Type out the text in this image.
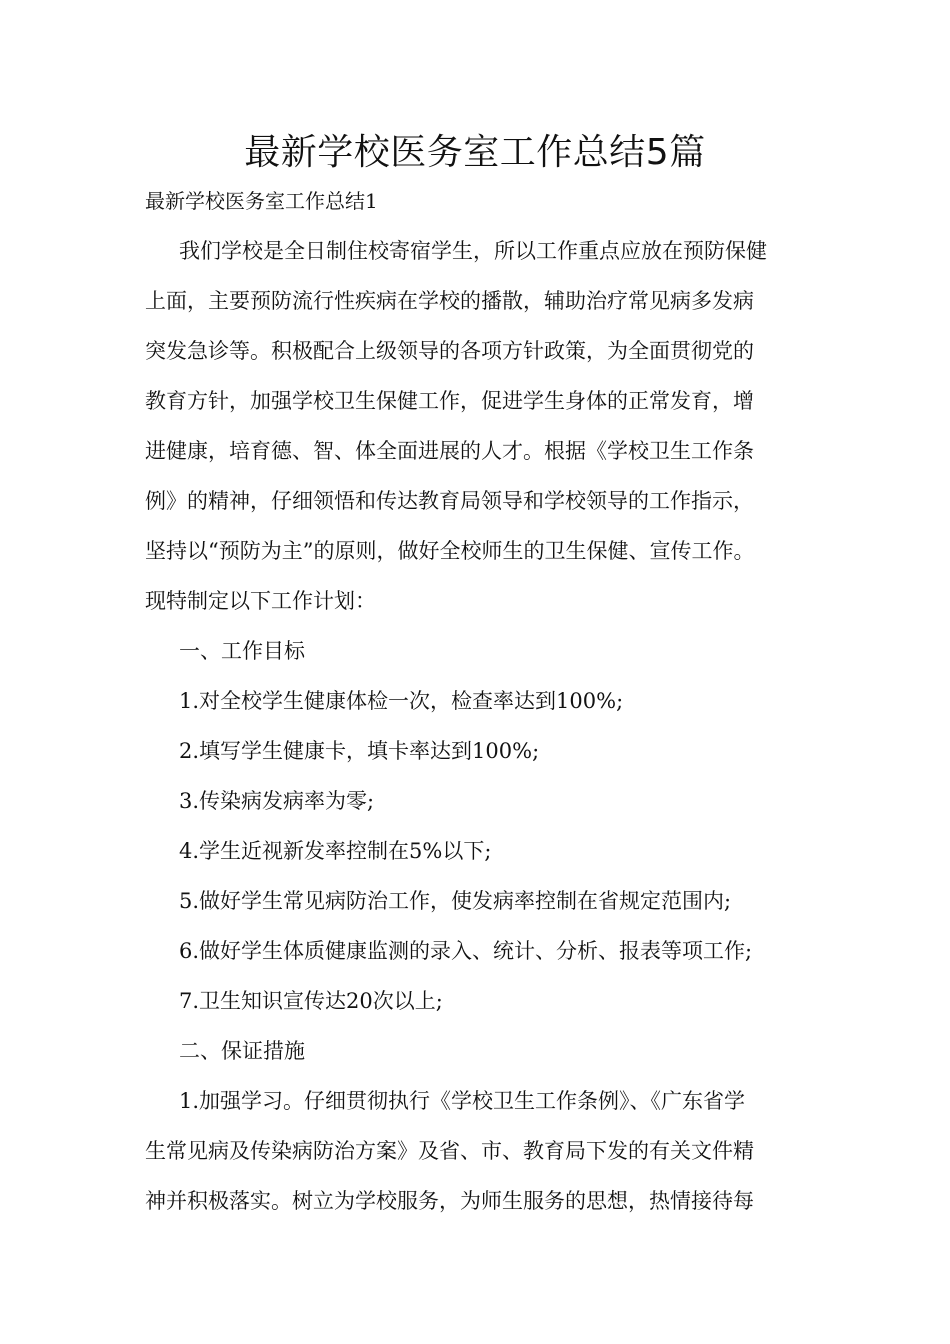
最新学校医务室工作总结5篇

最新学校医务室工作总结1

我们学校是全日制住校寄宿学生，所以工作重点应放在预防保健

上面，主要预防流行性疾病在学校的播散，辅助治疗常见病多发病

突发急诊等。积极配合上级领导的各项方针政策，为全面贯彻党的

教育方针，加强学校卫生保健工作，促进学生身体的正常发育，增

进健康，培育德、智、体全面进展的人才。根据《学校卫生工作条

例》的精神，仔细领悟和传达教育局领导和学校领导的工作指示，

坚持以“预防为主”的原则，做好全校师生的卫生保健、宣传工作。

现特制定以下工作计划：

一、工作目标

1.对全校学生健康体检一次，检查率达到100%;

2.填写学生健康卡，填卡率达到100%;

3.传染病发病率为零;

4.学生近视新发率控制在5%以下;

5.做好学生常见病防治工作，使发病率控制在省规定范围内;

6.做好学生体质健康监测的录入、统计、分析、报表等项工作;

7.卫生知识宣传达20次以上;

二、保证措施

1.加强学习。仔细贯彻执行《学校卫生工作条例》、《广东省学

生常见病及传染病防治方案》及省、市、教育局下发的有关文件精

神并积极落实。树立为学校服务，为师生服务的思想，热情接待每
